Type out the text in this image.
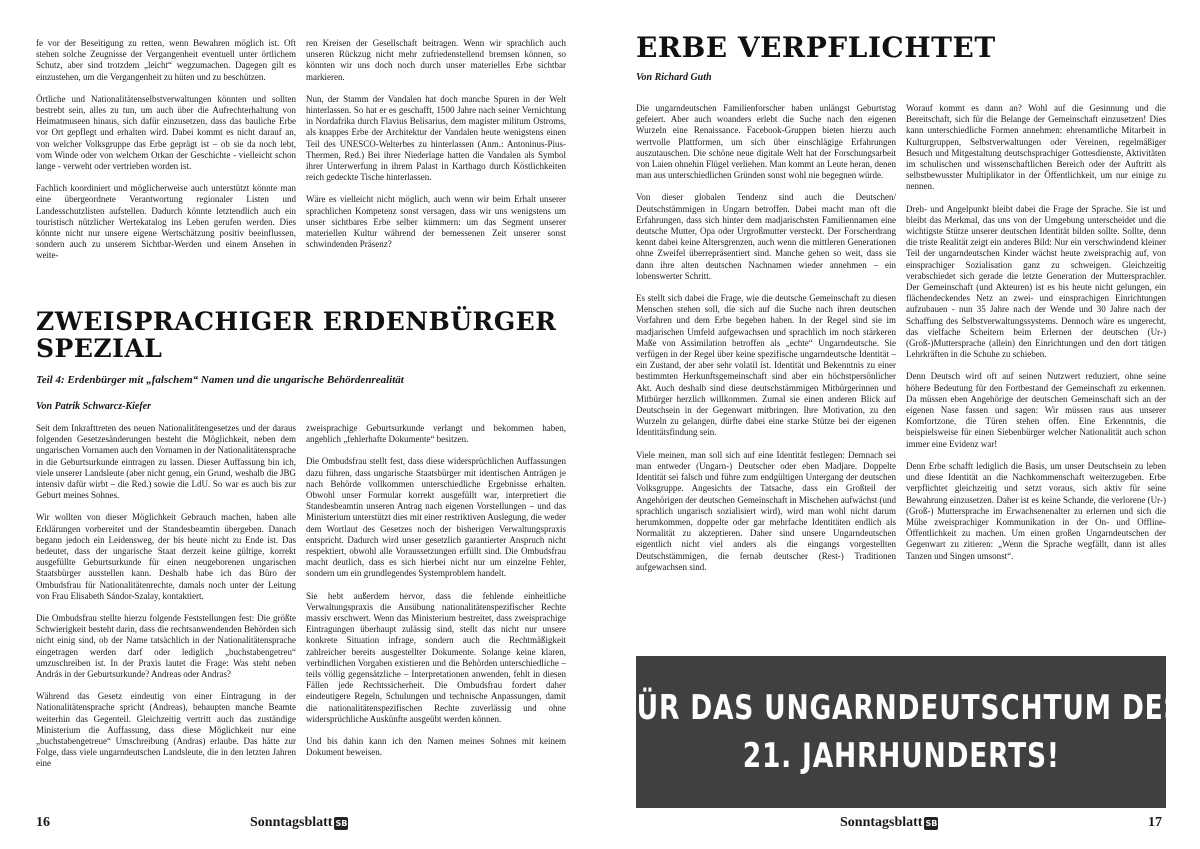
fe vor der Beseitigung zu retten, wenn Bewahren möglich ist. Oft stehen solche Zeugnisse der Vergangenheit eventuell unter örtlichem Schutz, aber sind trotzdem „leicht“ wegzumachen. Dagegen gilt es einzustehen, um die Vergangenheit zu hüten und zu beschützen.

Örtliche und Nationalitätenselbstverwaltungen könnten und sollten bestrebt sein, alles zu tun, um auch über die Aufrechterhaltung von Heimatmuseen hinaus, sich dafür einzusetzen, dass das bauliche Erbe vor Ort gepflegt und erhalten wird. Dabei kommt es nicht darauf an, von welcher Volksgruppe das Erbe geprägt ist – ob sie da noch lebt, vom Winde oder von welchem Orkan der Geschichte - vielleicht schon lange - verweht oder vertrieben worden ist.

Fachlich koordiniert und möglicherweise auch unterstützt könnte man eine übergeordnete Verantwortung regionaler Listen und Landesschutzlisten aufstellen. Dadurch könnte letztendlich auch ein touristisch nützlicher Wertekatalog ins Leben gerufen werden. Dies könnte nicht nur unsere eigene Wertschätzung positiv beeinflussen, sondern auch zu unserem Sichtbar-Werden und einem Ansehen in weite-

ren Kreisen der Gesellschaft beitragen. Wenn wir sprachlich auch unseren Rückzug nicht mehr zufriedenstellend bremsen können, so könnten wir uns doch noch durch unser materielles Erbe sichtbar markieren.

Nun, der Stamm der Vandalen hat doch manche Spuren in der Welt hinterlassen. So hat er es geschafft, 1500 Jahre nach seiner Vernichtung in Nordafrika durch Flavius Belisarius, dem magister militum Ostroms, als knappes Erbe der Architektur der Vandalen heute wenigstens einen Teil des UNESCO-Welterbes zu hinterlassen (Anm.: Antoninus-Pius-Thermen, Red.) Bei ihrer Niederlage hatten die Vandalen als Symbol ihrer Unterwerfung in ihrem Palast in Karthago durch Köstlichkeiten reich gedeckte Tische hinterlassen.

Wäre es vielleicht nicht möglich, auch wenn wir beim Erhalt unserer sprachlichen Kompetenz sonst versagen, dass wir uns wenigstens um unser sichtbares Erbe selber kümmern: um das Segment unserer materiellen Kultur während der bemessenen Zeit unserer sonst schwindenden Präsenz?

ZWEISPRACHIGER ERDENBÜRGER
SPEZIAL
Teil 4: Erdenbürger mit „falschem“ Namen und die ungarische Behördenrealität
Von Patrik Schwarcz-Kiefer

Seit dem Inkrafttreten des neuen Nationalitätengesetzes und der daraus folgenden Gesetzesänderungen besteht die Möglichkeit, neben dem ungarischen Vornamen auch den Vornamen in der Nationalitätensprache in die Geburtsurkunde eintragen zu lassen. Dieser Auffassung bin ich, viele unserer Landsleute (aber nicht genug, ein Grund, weshalb die JBG intensiv dafür wirbt – die Red.) sowie die LdU. So war es auch bis zur Geburt meines Sohnes.

Wir wollten von dieser Möglichkeit Gebrauch machen, haben alle Erklärungen vorbereitet und der Standesbeamtin übergeben. Danach begann jedoch ein Leidensweg, der bis heute nicht zu Ende ist. Das bedeutet, dass der ungarische Staat derzeit keine gültige, korrekt ausgefüllte Geburtsurkunde für einen neugeborenen ungarischen Staatsbürger ausstellen kann. Deshalb habe ich das Büro der Ombudsfrau für Nationalitätenrechte, damals noch unter der Leitung von Frau Elisabeth Sándor-Szalay, kontaktiert.

Die Ombudsfrau stellte hierzu folgende Feststellungen fest: Die größte Schwierigkeit besteht darin, dass die rechtsanwendenden Behörden sich nicht einig sind, ob der Name tatsächlich in der Nationalitätensprache eingetragen werden darf oder lediglich „buchstabengetreu“ umzuschreiben ist. In der Praxis lautet die Frage: Was steht neben András in der Geburtsurkunde? Andreas oder Andras?

Während das Gesetz eindeutig von einer Eintragung in der Nationalitätensprache spricht (Andreas), behaupten manche Beamte weiterhin das Gegenteil. Gleichzeitig vertritt auch das zuständige Ministerium die Auffassung, dass diese Möglichkeit nur eine „buchstabengetreue“ Umschreibung (Andras) erlaube. Das hätte zur Folge, dass viele ungarndeutschen Landsleute, die in den letzten Jahren eine

zweisprachige Geburtsurkunde verlangt und bekommen haben, angeblich „fehlerhafte Dokumente“ besitzen.

Die Ombudsfrau stellt fest, dass diese widersprüchlichen Auffassungen dazu führen, dass ungarische Staatsbürger mit identischen Anträgen je nach Behörde vollkommen unterschiedliche Ergebnisse erhalten. Obwohl unser Formular korrekt ausgefüllt war, interpretiert die Standesbeamtin unseren Antrag nach eigenen Vorstellungen – und das Ministerium unterstützt dies mit einer restriktiven Auslegung, die weder dem Wortlaut des Gesetzes noch der bisherigen Verwaltungspraxis entspricht. Dadurch wird unser gesetzlich garantierter Anspruch nicht respektiert, obwohl alle Voraussetzungen erfüllt sind. Die Ombudsfrau macht deutlich, dass es sich hierbei nicht nur um einzelne Fehler, sondern um ein grundlegendes Systemproblem handelt.

Sie hebt außerdem hervor, dass die fehlende einheitliche Verwaltungspraxis die Ausübung nationalitätenspezifischer Rechte massiv erschwert. Wenn das Ministerium bestreitet, dass zweisprachige Eintragungen überhaupt zulässig sind, stellt das nicht nur unsere konkrete Situation infrage, sondern auch die Rechtmäßigkeit zahlreicher bereits ausgestellter Dokumente. Solange keine klaren, verbindlichen Vorgaben existieren und die Behörden unterschiedliche – teils völlig gegensätzliche – Interpretationen anwenden, fehlt in diesen Fällen jede Rechtssicherheit. Die Ombudsfrau fordert daher eindeutigere Regeln, Schulungen und technische Anpassungen, damit die nationalitätenspezifischen Rechte zuverlässig und ohne widersprüchliche Auskünfte ausgeübt werden können.

Und bis dahin kann ich den Namen meines Sohnes mit keinem Dokument beweisen.

16	Sonntagsblatt SB
ERBE VERPFLICHTET
Von Richard Guth

Die ungarndeutschen Familienforscher haben unlängst Geburtstag gefeiert. Aber auch woanders erlebt die Suche nach den eigenen Wurzeln eine Renaissance. Facebook-Gruppen bieten hierzu auch wertvolle Plattformen, um sich über einschlägige Erfahrungen auszutauschen. Die schöne neue digitale Welt hat der Forschungsarbeit von Laien ohnehin Flügel verliehen. Man kommt an Leute heran, denen man aus unterschiedlichen Gründen sonst wohl nie begegnen würde.

Von dieser globalen Tendenz sind auch die Deutschen/ Deutschstämmigen in Ungarn betroffen. Dabei macht man oft die Erfahrungen, dass sich hinter dem madjarischsten Familiennamen eine deutsche Mutter, Opa oder Urgroßmutter versteckt. Der Forscherdrang kennt dabei keine Altersgrenzen, auch wenn die mittleren Generationen ohne Zweifel überrepräsentiert sind. Manche gehen so weit, dass sie dann ihre alten deutschen Nachnamen wieder annehmen – ein lobenswerter Schritt.

Es stellt sich dabei die Frage, wie die deutsche Gemeinschaft zu diesen Menschen stehen soll, die sich auf die Suche nach ihren deutschen Vorfahren und dem Erbe begeben haben. In der Regel sind sie im madjarischen Umfeld aufgewachsen und sprachlich im noch stärkeren Maße von Assimilation betroffen als „echte“ Ungarndeutsche. Sie verfügen in der Regel über keine spezifische ungarndeutsche Identität – ein Zustand, der aber sehr volatil ist. Identität und Bekenntnis zu einer bestimmten Herkunftsgemeinschaft sind aber ein höchstpersönlicher Akt. Auch deshalb sind diese deutschstämmigen Mitbürgerinnen und Mitbürger herzlich willkommen. Zumal sie einen anderen Blick auf Deutschsein in der Gegenwart mitbringen. Ihre Motivation, zu den Wurzeln zu gelangen, dürfte dabei eine starke Stütze bei der eigenen Identitätsfindung sein.

Viele meinen, man soll sich auf eine Identität festlegen: Demnach sei man entweder (Ungarn-) Deutscher oder eben Madjare. Doppelte Identität sei falsch und führe zum endgültigen Untergang der deutschen Volksgruppe. Angesichts der Tatsache, dass ein Großteil der Angehörigen der deutschen Gemeinschaft in Mischehen aufwächst (und sprachlich ungarisch sozialisiert wird), wird man wohl nicht darum herumkommen, doppelte oder gar mehrfache Identitäten endlich als Normalität zu akzeptieren. Daher sind unsere Ungarndeutschen eigentlich nicht viel anders als die eingangs vorgestellten Deutschstämmigen, die fernab deutscher (Rest-) Traditionen aufgewachsen sind.

Worauf kommt es dann an? Wohl auf die Gesinnung und die Bereitschaft, sich für die Belange der Gemeinschaft einzusetzen! Dies kann unterschiedliche Formen annehmen: ehrenamtliche Mitarbeit in Kulturgruppen, Selbstverwaltungen oder Vereinen, regelmäßiger Besuch und Mitgestaltung deutschsprachiger Gottesdienste, Aktivitäten im schulischen und wissenschaftlichen Bereich oder der Auftritt als selbstbewusster Multiplikator in der Öffentlichkeit, um nur einige zu nennen.

Dreh- und Angelpunkt bleibt dabei die Frage der Sprache. Sie ist und bleibt das Merkmal, das uns von der Umgebung unterscheidet und die wichtigste Stütze unserer deutschen Identität bilden sollte. Sollte, denn die triste Realität zeigt ein anderes Bild: Nur ein verschwindend kleiner Teil der ungarndeutschen Kinder wächst heute zweisprachig auf, von einsprachiger Sozialisation ganz zu schweigen. Gleichzeitig verabschiedet sich gerade die letzte Generation der Muttersprachler. Der Gemeinschaft (und Akteuren) ist es bis heute nicht gelungen, ein flächendeckendes Netz an zwei- und einsprachigen Einrichtungen aufzubauen - nun 35 Jahre nach der Wende und 30 Jahre nach der Schaffung des Selbstverwaltungssystems. Dennoch wäre es ungerecht, das vielfache Scheitern beim Erlernen der deutschen (Ur-)(Groß-)Muttersprache (allein) den Einrichtungen und den dort tätigen Lehrkräften in die Schuhe zu schieben.

Denn Deutsch wird oft auf seinen Nutzwert reduziert, ohne seine höhere Bedeutung für den Fortbestand der Gemeinschaft zu erkennen. Da müssen eben Angehörige der deutschen Gemeinschaft sich an der eigenen Nase fassen und sagen: Wir müssen raus aus unserer Komfortzone, die Türen stehen offen. Eine Erkenntnis, die beispielsweise für einen Siebenbürger welcher Nationalität auch schon immer eine Evidenz war!

Denn Erbe schafft lediglich die Basis, um unser Deutschsein zu leben und diese Identität an die Nachkommenschaft weiterzugeben. Erbe verpflichtet gleichzeitig und setzt voraus, sich aktiv für seine Bewahrung einzusetzen. Daher ist es keine Schande, die verlorene (Ur-)(Groß-) Muttersprache im Erwachsenenalter zu erlernen und sich die Mühe zweisprachiger Kommunikation in der On- und Offline-Öffentlichkeit zu machen. Um einen großen Ungarndeutschen der Gegenwart zu zitieren: „Wenn die Sprache wegfällt, dann ist alles Tanzen und Singen umsonst“.

FÜR DAS UNGARNDEUTSCHTUM DES
21. JAHRHUNDERTS!
Sonntagsblatt SB	17
